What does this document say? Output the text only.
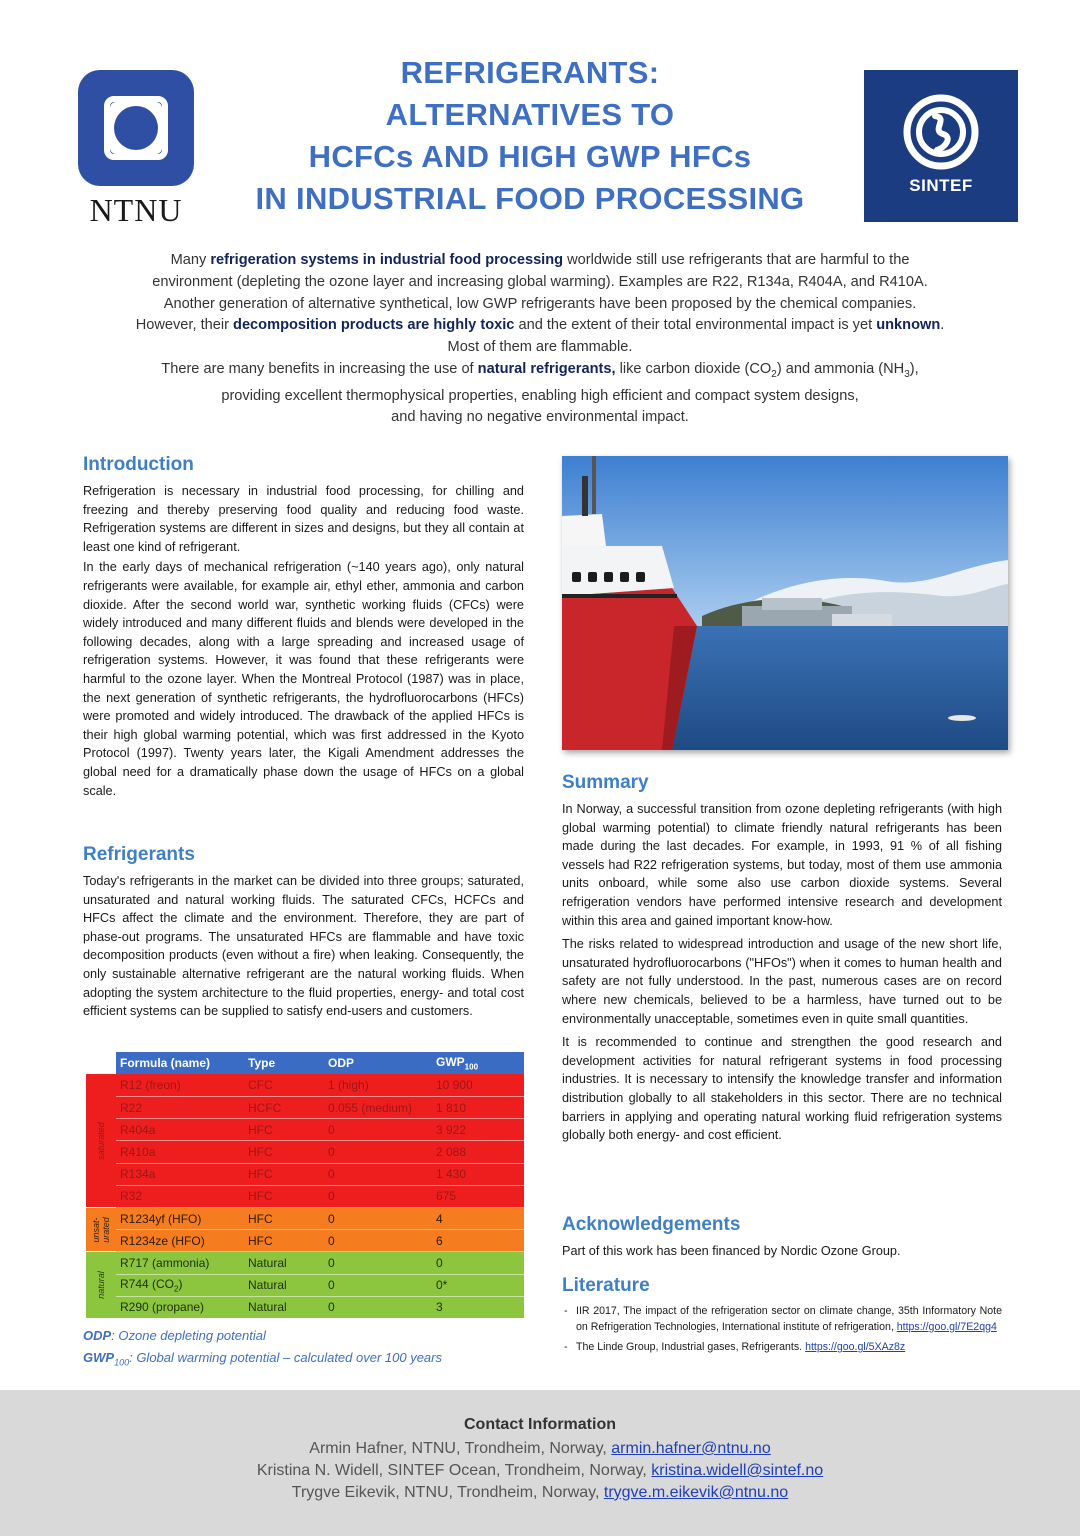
NTNU
REFRIGERANTS:
ALTERNATIVES TO
HCFCs AND HIGH GWP HFCs
IN INDUSTRIAL FOOD PROCESSING	SINTEF

Many refrigeration systems in industrial food processing worldwide still use refrigerants that are harmful to the

environment (depleting the ozone layer and increasing global warming). Examples are R22, R134a, R404A, and R410A.

Another generation of alternative synthetical, low GWP refrigerants have been proposed by the chemical companies.

However, their decomposition products are highly toxic and the extent of their total environmental impact is yet unknown.

Most of them are flammable.

There are many benefits in increasing the use of natural refrigerants, like carbon dioxide $(CO_2)$ and ammonia $(NH_3)$,

providing excellent thermophysical properties, enabling high efficient and compact system designs,

and having no negative environmental impact.

Introduction

Refrigeration is necessary in industrial food processing, for chilling and freezing and thereby preserving food quality and reducing food waste. Refrigeration systems are different in sizes and designs, but they all contain at least one kind of refrigerant.

In the early days of mechanical refrigeration (~140 years ago), only natural refrigerants were available, for example air, ethyl ether, ammonia and carbon dioxide. After the second world war, synthetic working fluids (CFCs) were widely introduced and many different fluids and blends were developed in the following decades, along with a large spreading and increased usage of refrigeration systems. However, it was found that these refrigerants were harmful to the ozone layer. When the Montreal Protocol (1987) was in place, the next generation of synthetic refrigerants, the hydrofluorocarbons (HFCs) were promoted and widely introduced. The drawback of the applied HFCs is their high global warming potential, which was first addressed in the Kyoto Protocol (1997). Twenty years later, the Kigali Amendment addresses the global need for a dramatically phase down the usage of HFCs on a global scale.

Refrigerants

Today's refrigerants in the market can be divided into three groups; saturated, unsaturated and natural working fluids. The saturated CFCs, HCFCs and HFCs affect the climate and the environment. Therefore, they are part of phase-out programs. The unsaturated HFCs are flammable and have toxic decomposition products (even without a fire) when leaking. Consequently, the only sustainable alternative refrigerant are the natural working fluids. When adopting the system architecture to the fluid properties, energy- and total cost efficient systems can be supplied to satisfy end-users and customers.

	Formula (name)	Type	ODP	$GWP_{100}$

saturated	R12 (freon)	CFC	1 (high)	10 900
	R22	HCFC	0.055 (medium)	1 810
	R404a	HFC	0	3 922
	R410a	HFC	0	2 088
	R134a	HFC	0	1 430
	R32	HFC	0	675

unsat-
urated	R1234yf (HFO)	HFC	0	4
	R1234ze (HFO)	HFC	0	6

natural	R717 (ammonia)	Natural	0	0
	R744 $(CO_2)$	Natural	0	0*
	R290 (propane)	Natural	0	3
ODP: Ozone depleting potential
$GWP_{100}$: Global warming potential – calculated over 100 years
Summary

In Norway, a successful transition from ozone depleting refrigerants (with high global warming potential) to climate friendly natural refrigerants has been made during the last decades. For example, in 1993, 91 % of all fishing vessels had R22 refrigeration systems, but today, most of them use ammonia units onboard, while some also use carbon dioxide systems. Several refrigeration vendors have performed intensive research and development within this area and gained important know-how.

The risks related to widespread introduction and usage of the new short life, unsaturated hydrofluorocarbons ("HFOs") when it comes to human health and safety are not fully understood. In the past, numerous cases are on record where new chemicals, believed to be a harmless, have turned out to be environmentally unacceptable, sometimes even in quite small quantities.

It is recommended to continue and strengthen the good research and development activities for natural refrigerant systems in food processing industries. It is necessary to intensify the knowledge transfer and information distribution globally to all stakeholders in this sector. There are no technical barriers in applying and operating natural working fluid refrigeration systems globally both energy- and cost efficient.

Acknowledgements

Part of this work has been financed by Nordic Ozone Group.

Literature
- IIR 2017, The impact of the refrigeration sector on climate change, 35th Informatory Note on Refrigeration Technologies, International institute of refrigeration, https://goo.gl/7E2qg4
- The Linde Group, Industrial gases, Refrigerants. https://goo.gl/5XAz8z
Contact Information
Armin Hafner, NTNU, Trondheim, Norway, armin.hafner@ntnu.no
Kristina N. Widell, SINTEF Ocean, Trondheim, Norway, kristina.widell@sintef.no
Trygve Eikevik, NTNU, Trondheim, Norway, trygve.m.eikevik@ntnu.no
